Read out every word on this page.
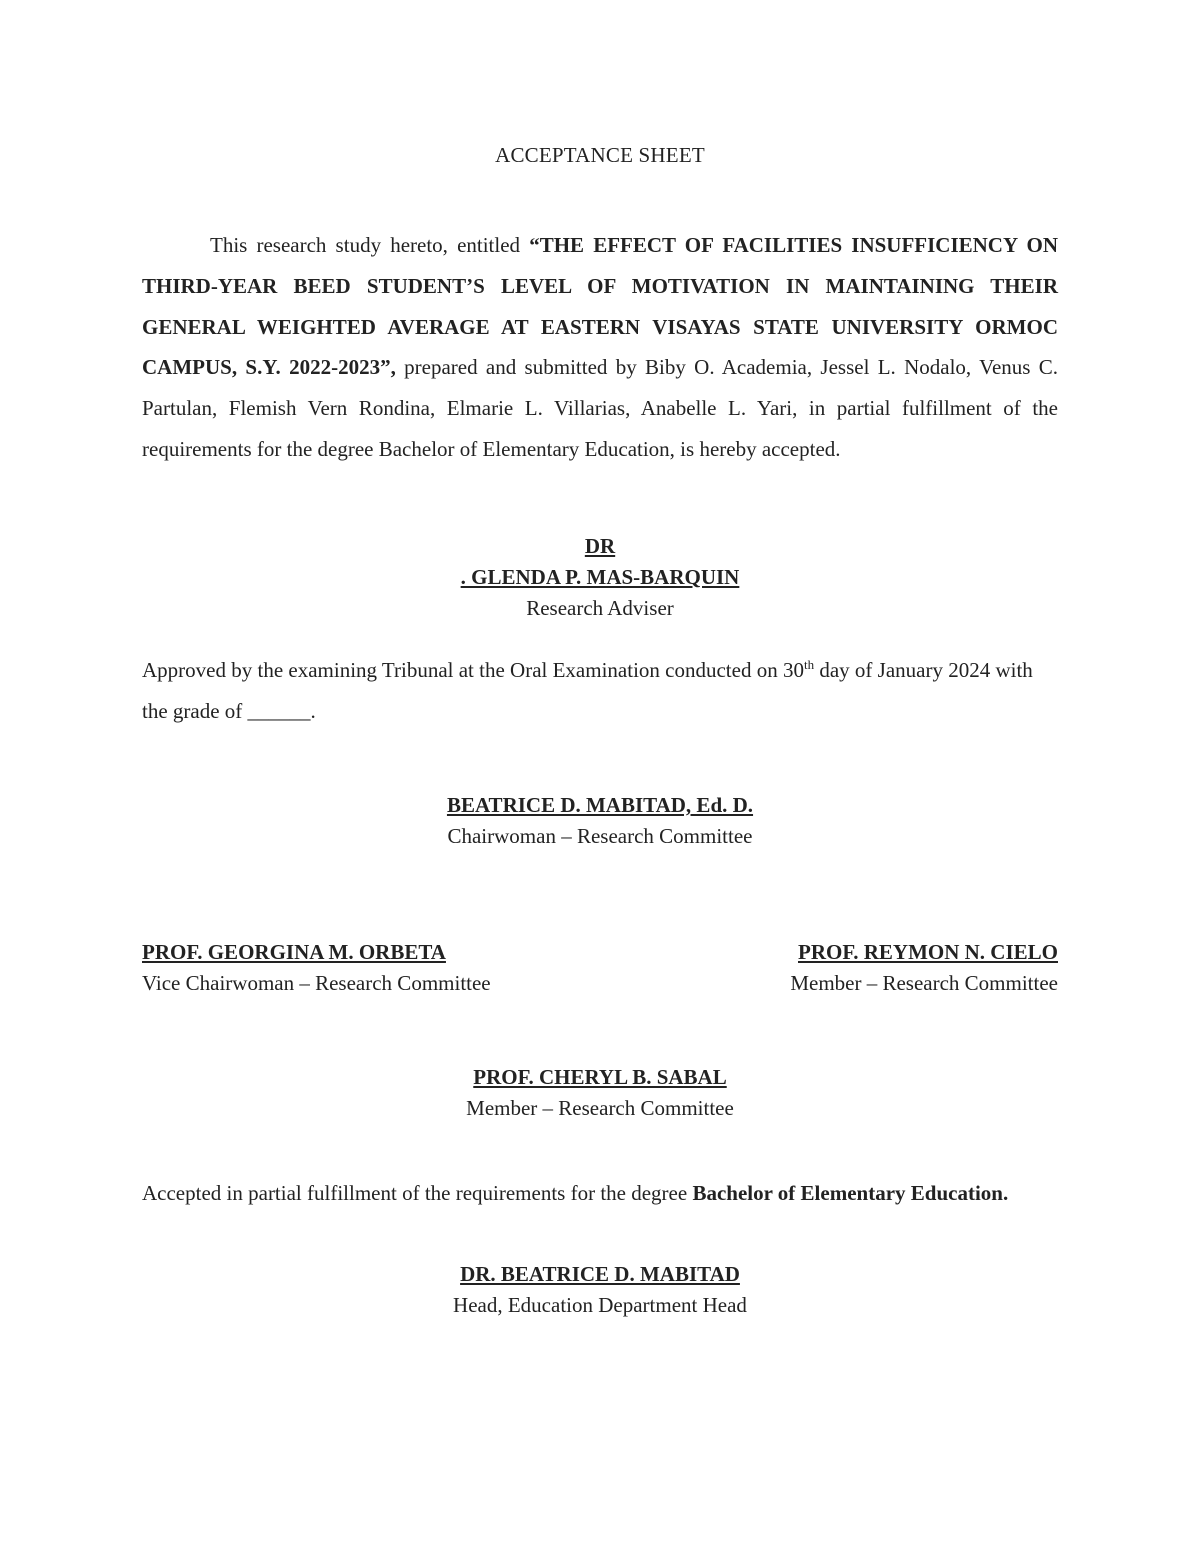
ACCEPTANCE SHEET
This research study hereto, entitled “THE EFFECT OF FACILITIES INSUFFICIENCY ON THIRD-YEAR BEED STUDENT’S LEVEL OF MOTIVATION IN MAINTAINING THEIR GENERAL WEIGHTED AVERAGE AT EASTERN VISAYAS STATE UNIVERSITY ORMOC CAMPUS, S.Y. 2022-2023”, prepared and submitted by Biby O. Academia, Jessel L. Nodalo, Venus C. Partulan, Flemish Vern Rondina, Elmarie L. Villarias, Anabelle L. Yari, in partial fulfillment of the requirements for the degree Bachelor of Elementary Education, is hereby accepted.
DR
. GLENDA P. MAS-BARQUIN
Research Adviser
Approved by the examining Tribunal at the Oral Examination conducted on 30th day of January 2024 with the grade of ______.
BEATRICE D. MABITAD, Ed. D.
Chairwoman – Research Committee
PROF. GEORGINA M. ORBETA
Vice Chairwoman – Research Committee
PROF. REYMON N. CIELO
Member – Research Committee
PROF. CHERYL B. SABAL
Member – Research Committee
Accepted in partial fulfillment of the requirements for the degree Bachelor of Elementary Education.
DR. BEATRICE D. MABITAD
Head, Education Department Head
